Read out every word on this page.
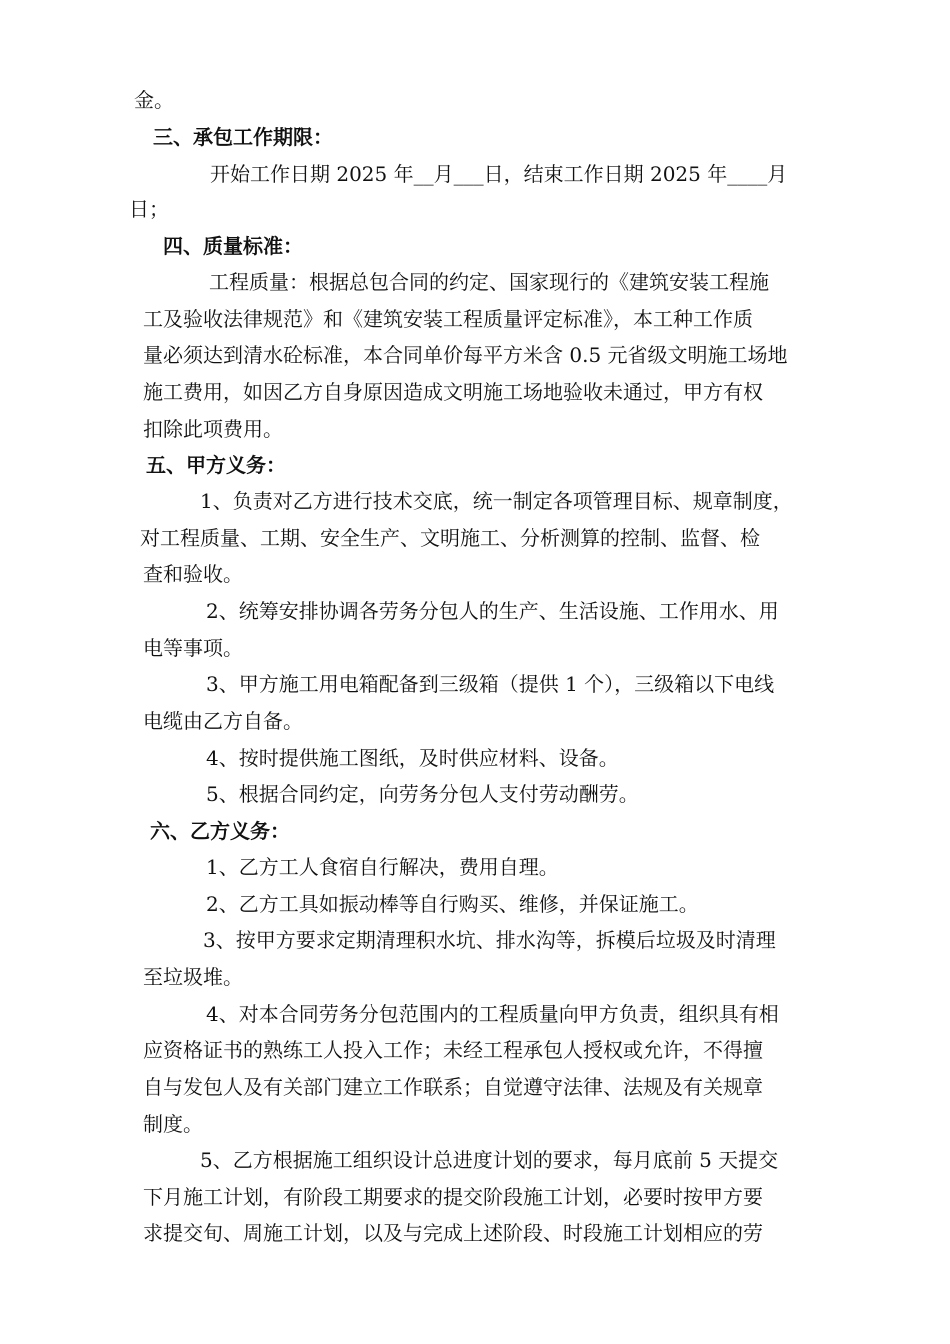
金。

三、承包工作期限：

开始工作日期 2025 年__月___日，结束工作日期 2025 年____月

日；

四、质量标准：

工程质量：根据总包合同的约定、国家现行的《建筑安装工程施

工及验收法律规范》和《建筑安装工程质量评定标准》，本工种工作质

量必须达到清水砼标准，本合同单价每平方米含 0.5 元省级文明施工场地

施工费用，如因乙方自身原因造成文明施工场地验收未通过，甲方有权

扣除此项费用。

五、甲方义务：

1、负责对乙方进行技术交底，统一制定各项管理目标、规章制度，

对工程质量、工期、安全生产、文明施工、分析测算的控制、监督、检

查和验收。

2、统筹安排协调各劳务分包人的生产、生活设施、工作用水、用

电等事项。

3、甲方施工用电箱配备到三级箱（提供 1 个），三级箱以下电线

电缆由乙方自备。

4、按时提供施工图纸，及时供应材料、设备。

5、根据合同约定，向劳务分包人支付劳动酬劳。

六、乙方义务：

1、乙方工人食宿自行解决，费用自理。

2、乙方工具如振动棒等自行购买、维修，并保证施工。

3、按甲方要求定期清理积水坑、排水沟等，拆模后垃圾及时清理

至垃圾堆。

4、对本合同劳务分包范围内的工程质量向甲方负责，组织具有相

应资格证书的熟练工人投入工作；未经工程承包人授权或允许，不得擅

自与发包人及有关部门建立工作联系；自觉遵守法律、法规及有关规章

制度。

5、乙方根据施工组织设计总进度计划的要求，每月底前 5 天提交

下月施工计划，有阶段工期要求的提交阶段施工计划，必要时按甲方要

求提交旬、周施工计划，以及与完成上述阶段、时段施工计划相应的劳
